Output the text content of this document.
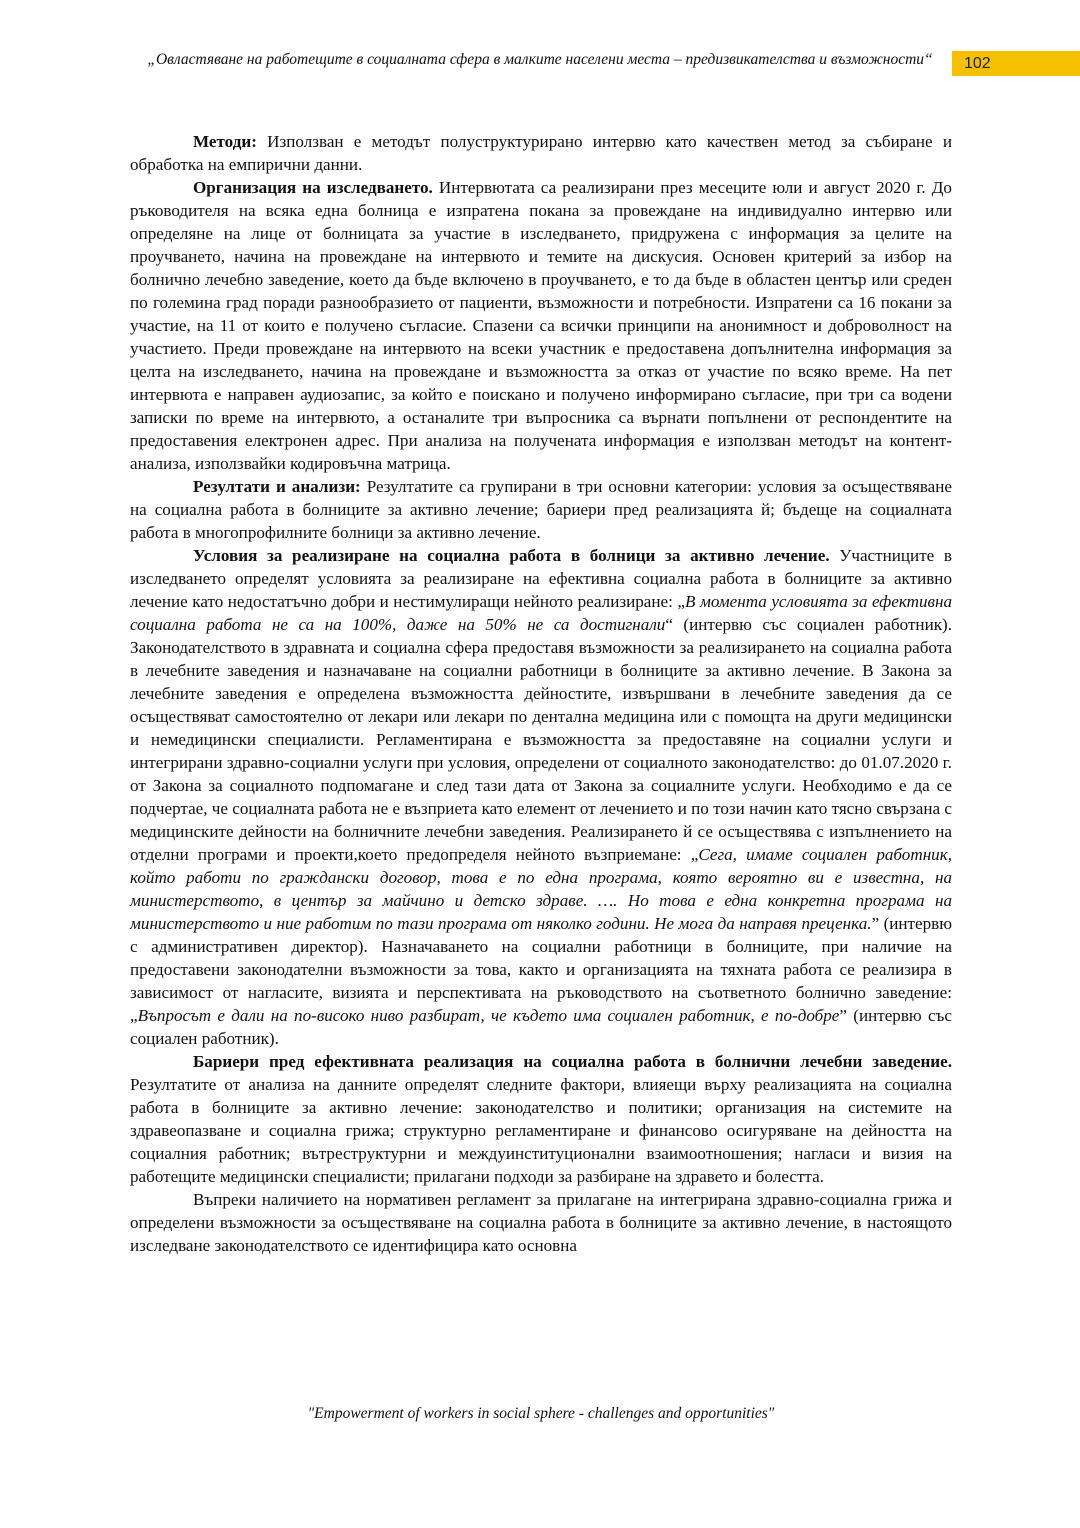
„Овластяване на работещите в социалната сфера в малките населени места – предизвикателства и възможности“	102

Методи: Използван е методът полуструктурирано интервю като качествен метод за събиране и обработка на емпирични данни.

Организация на изследването. Интервютата са реализирани през месеците юли и август 2020 г. До ръководителя на всяка една болница е изпратена покана за провеждане на индивидуално интервю или определяне на лице от болницата за участие в изследването, придружена с информация за целите на проучването, начина на провеждане на интервюто и темите на дискусия. Основен критерий за избор на болнично лечебно заведение, което да бъде включено в проучването, е то да бъде в областен център или среден по големина град поради разнообразието от пациенти, възможности и потребности. Изпратени са 16 покани за участие, на 11 от които е получено съгласие. Спазени са всички принципи на анонимност и доброволност на участието. Преди провеждане на интервюто на всеки участник е предоставена допълнителна информация за целта на изследването, начина на провеждане и възможността за отказ от участие по всяко време. На пет интервюта е направен аудиозапис, за който е поискано и получено информирано съгласие, при три са водени записки по време на интервюто, а останалите три въпросника са върнати попълнени от респондентите на предоставения електронен адрес. При анализа на получената информация е използван методът на контент-анализа, използвайки кодировъчна матрица.

Резултати и анализи: Резултатите са групирани в три основни категории: условия за осъществяване на социална работа в болниците за активно лечение; бариери пред реализацията й; бъдеще на социалната работа в многопрофилните болници за активно лечение.

Условия за реализиране на социална работа в болници за активно лечение. Участниците в изследването определят условията за реализиране на ефективна социална работа в болниците за активно лечение като недостатъчно добри и нестимулиращи нейното реализиране: „В момента условията за ефективна социална работа не са на 100%, даже на 50% не са достигнали“ (интервю със социален работник). Законодателството в здравната и социална сфера предоставя възможности за реализирането на социална работа в лечебните заведения и назначаване на социални работници в болниците за активно лечение. В Закона за лечебните заведения е определена възможността дейностите, извършвани в лечебните заведения да се осъществяват самостоятелно от лекари или лекари по дентална медицина или с помощта на други медицински и немедицински специалисти. Регламентирана е възможността за предоставяне на социални услуги и интегрирани здравно-социални услуги при условия, определени от социалното законодателство: до 01.07.2020 г. от Закона за социалното подпомагане и след тази дата от Закона за социалните услуги. Необходимо е да се подчертае, че социалната работа не е възприета като елемент от лечението и по този начин като тясно свързана с медицинските дейности на болничните лечебни заведения. Реализирането й се осъществява с изпълнението на отделни програми и проекти,което предопределя нейното възприемане: „Сега, имаме социален работник, който работи по граждански договор, това е по една програма, която вероятно ви е известна, на министерството, в център за майчино и детско здраве. …. Но това е една конкретна програма на министерството и ние работим по тази програма от няколко години. Не мога да направя преценка.” (интервю с административен директор). Назначаването на социални работници в болниците, при наличие на предоставени законодателни възможности за това, както и организацията на тяхната работа се реализира в зависимост от нагласите, визията и перспективата на ръководството на съответното болнично заведение: „Въпросът е дали на по-високо ниво разбират, че където има социален работник, е по-добре” (интервю със социален работник).

Бариери пред ефективната реализация на социална работа в болнични лечебни заведение. Резултатите от анализа на данните определят следните фактори, влияещи върху реализацията на социална работа в болниците за активно лечение: законодателство и политики; организация на системите на здравеопазване и социална грижа; структурно регламентиране и финансово осигуряване на дейността на социалния работник; вътреструктурни и междуинституционални взаимоотношения; нагласи и визия на работещите медицински специалисти; прилагани подходи за разбиране на здравето и болестта.

Въпреки наличието на нормативен регламент за прилагане на интегрирана здравно-социална грижа и определени възможности за осъществяване на социална работа в болниците за активно лечение, в настоящото изследване законодателството се идентифицира като основна

"Empowerment of workers in social sphere - challenges and opportunities"
